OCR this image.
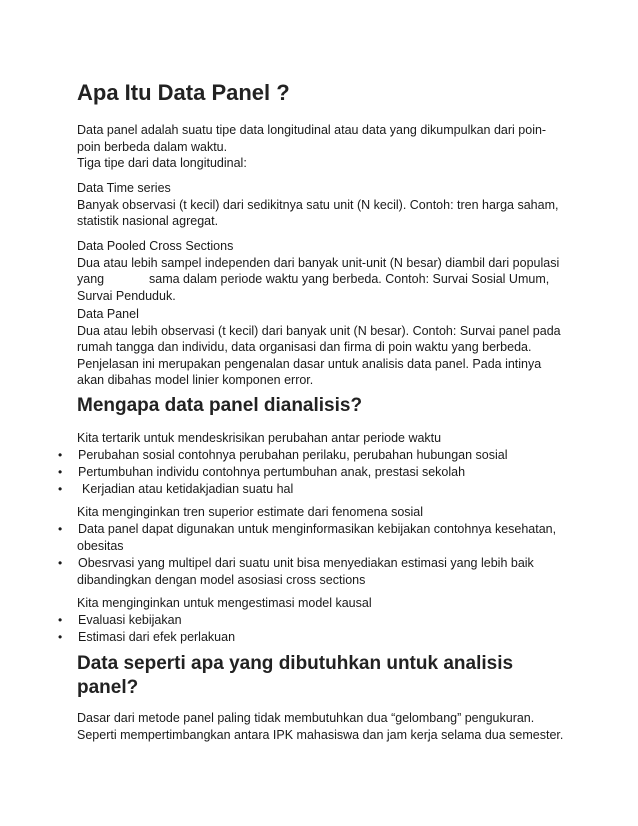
Apa Itu Data Panel ?
Data panel adalah suatu tipe data longitudinal atau data yang dikumpulkan dari poin-
poin berbeda dalam waktu.
Tiga tipe dari data longitudinal:
Data Time series
Banyak observasi (t kecil) dari sedikitnya satu unit (N kecil). Contoh: tren harga saham,
statistik nasional agregat.
Data Pooled Cross Sections
Dua atau lebih sampel independen dari banyak unit-unit (N besar) diambil dari populasi
yang	sama dalam periode waktu yang berbeda. Contoh: Survai Sosial Umum,
Survai Penduduk.
Data Panel
Dua atau lebih observasi (t kecil) dari banyak unit (N besar). Contoh: Survai panel pada
rumah tangga dan individu, data organisasi dan firma di poin waktu yang berbeda.
Penjelasan ini merupakan pengenalan dasar untuk analisis data panel. Pada intinya
akan dibahas model linier komponen error.
Mengapa data panel dianalisis?
Kita tertarik untuk mendeskrisikan perubahan antar periode waktu
• Perubahan sosial contohnya perubahan perilaku, perubahan hubungan sosial
• Pertumbuhan individu contohnya pertumbuhan anak, prestasi sekolah
• Kerjadian atau ketidakjadian suatu hal
Kita menginginkan tren superior estimate dari fenomena sosial
• Data panel dapat digunakan untuk menginformasikan kebijakan contohnya kesehatan,
obesitas
• Obesrvasi yang multipel dari suatu unit bisa menyediakan estimasi yang lebih baik
dibandingkan dengan model asosiasi cross sections
Kita menginginkan untuk mengestimasi model kausal
• Evaluasi kebijakan
• Estimasi dari efek perlakuan
Data seperti apa yang dibutuhkan untuk analisis
panel?
Dasar dari metode panel paling tidak membutuhkan dua “gelombang” pengukuran.
Seperti mempertimbangkan antara IPK mahasiswa dan jam kerja selama dua semester.
